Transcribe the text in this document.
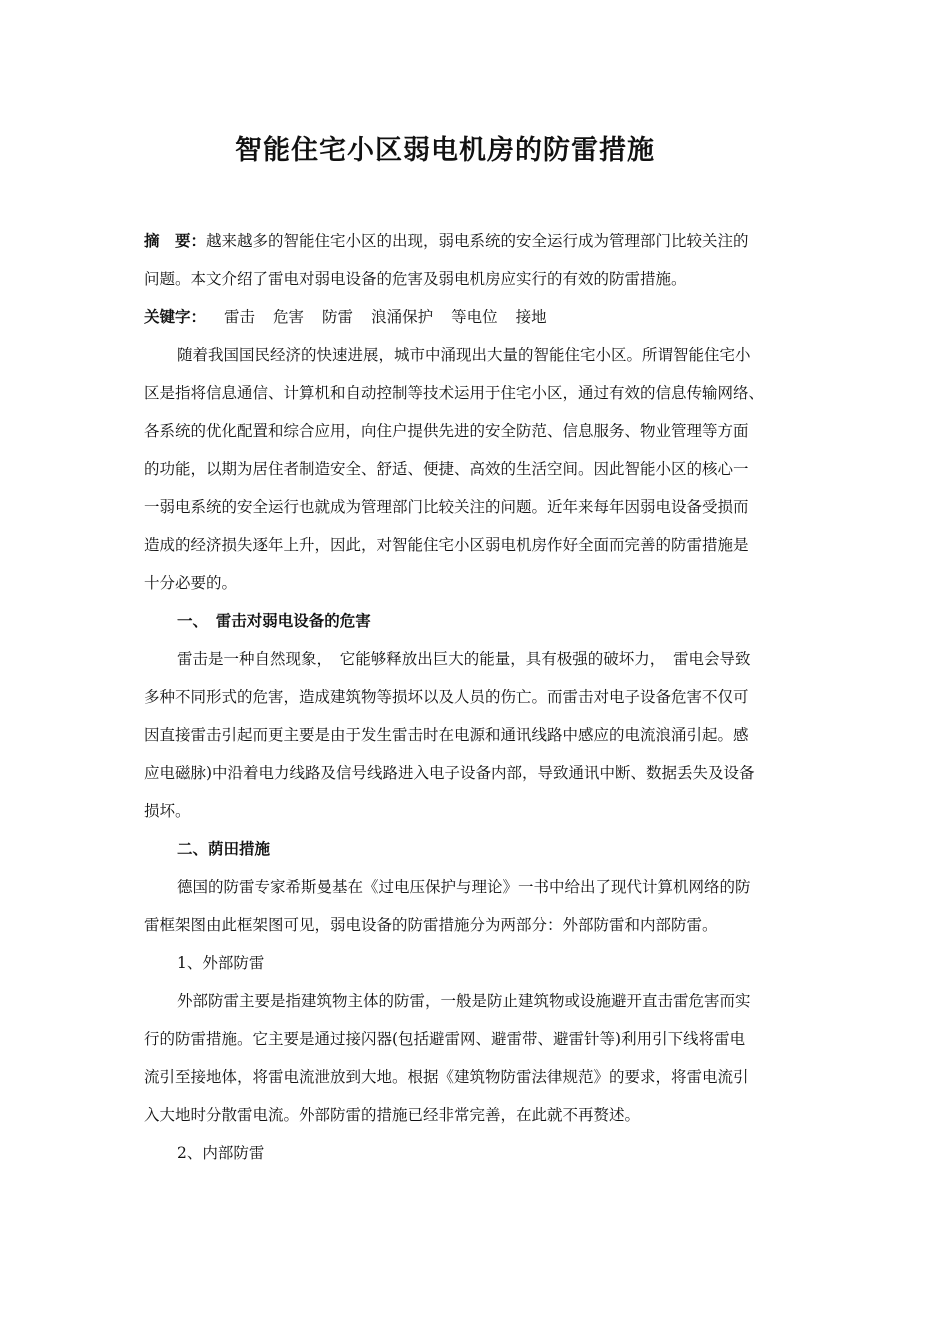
智能住宅小区弱电机房的防雷措施
摘　要：越来越多的智能住宅小区的出现，弱电系统的安全运行成为管理部门比较关注的
问题。本文介绍了雷电对弱电设备的危害及弱电机房应实行的有效的防雷措施。
关键字： 雷击 危害 防雷 浪涌保护 等电位 接地
随着我国国民经济的快速进展，城市中涌现出大量的智能住宅小区。所谓智能住宅小
区是指将信息通信、计算机和自动控制等技术运用于住宅小区，通过有效的信息传输网络、
各系统的优化配置和综合应用，向住户提供先进的安全防范、信息服务、物业管理等方面
的功能，以期为居住者制造安全、舒适、便捷、高效的生活空间。因此智能小区的核心一
一弱电系统的安全运行也就成为管理部门比较关注的问题。近年来每年因弱电设备受损而
造成的经济损失逐年上升，因此，对智能住宅小区弱电机房作好全面而完善的防雷措施是
十分必要的。
一、　雷击对弱电设备的危害
雷击是一种自然现象，　它能够释放出巨大的能量，具有极强的破坏力，　雷电会导致
多种不同形式的危害，造成建筑物等损坏以及人员的伤亡。而雷击对电子设备危害不仅可
因直接雷击引起而更主要是由于发生雷击时在电源和通讯线路中感应的电流浪涌引起。感
应电磁脉)中沿着电力线路及信号线路进入电子设备内部，导致通讯中断、数据丢失及设备
损坏。
二、荫田措施
德国的防雷专家希斯曼基在《过电压保护与理论》一书中给出了现代计算机网络的防
雷框架图由此框架图可见，弱电设备的防雷措施分为两部分：外部防雷和内部防雷。
1、外部防雷
外部防雷主要是指建筑物主体的防雷，一般是防止建筑物或设施避开直击雷危害而实
行的防雷措施。它主要是通过接闪器(包括避雷网、避雷带、避雷针等)利用引下线将雷电
流引至接地体，将雷电流泄放到大地。根据《建筑物防雷法律规范》的要求，将雷电流引
入大地时分散雷电流。外部防雷的措施已经非常完善，在此就不再赘述。
2、内部防雷
